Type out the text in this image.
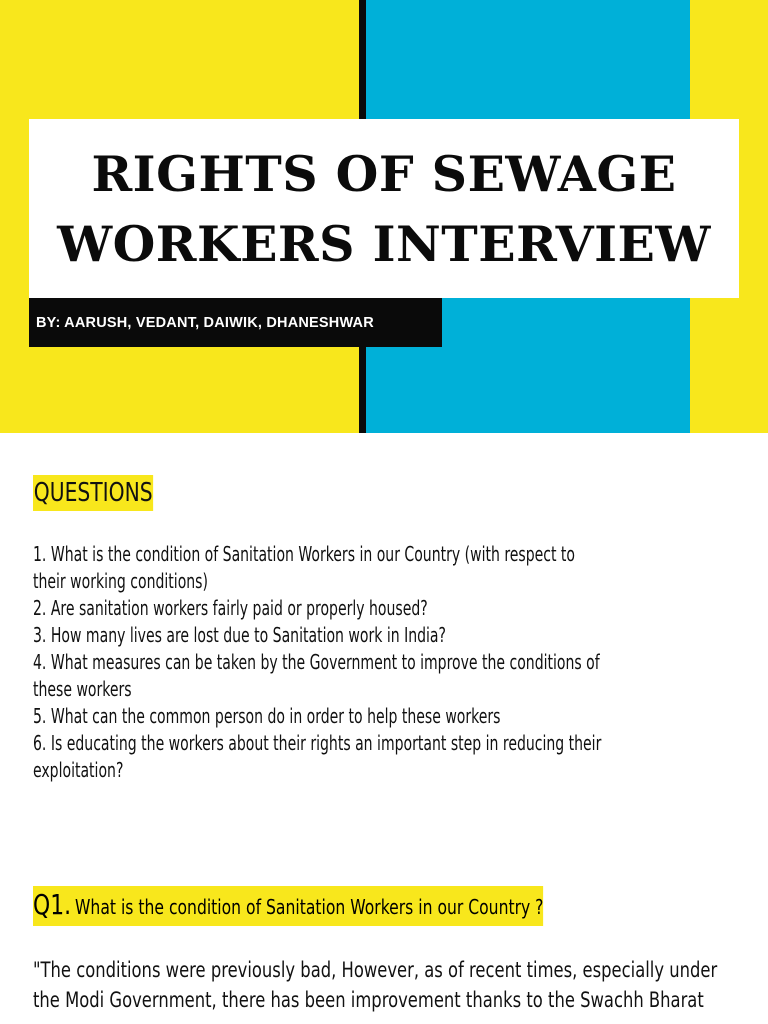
RIGHTS OF SEWAGE
WORKERS INTERVIEW
BY: AARUSH, VEDANT, DAIWIK, DHANESHWAR
QUESTIONS
1. What is the condition of Sanitation Workers in our Country (with respect to
their working conditions)
2. Are sanitation workers fairly paid or properly housed?
3. How many lives are lost due to Sanitation work in India?
4. What measures can be taken by the Government to improve the conditions of
these workers
5. What can the common person do in order to help these workers
6. Is educating the workers about their rights an important step in reducing their
exploitation?
Q1. What is the condition of Sanitation Workers in our Country ?

"The conditions were previously bad, However, as of recent times, especially under
the Modi Government, there has been improvement thanks to the Swachh Bharat
